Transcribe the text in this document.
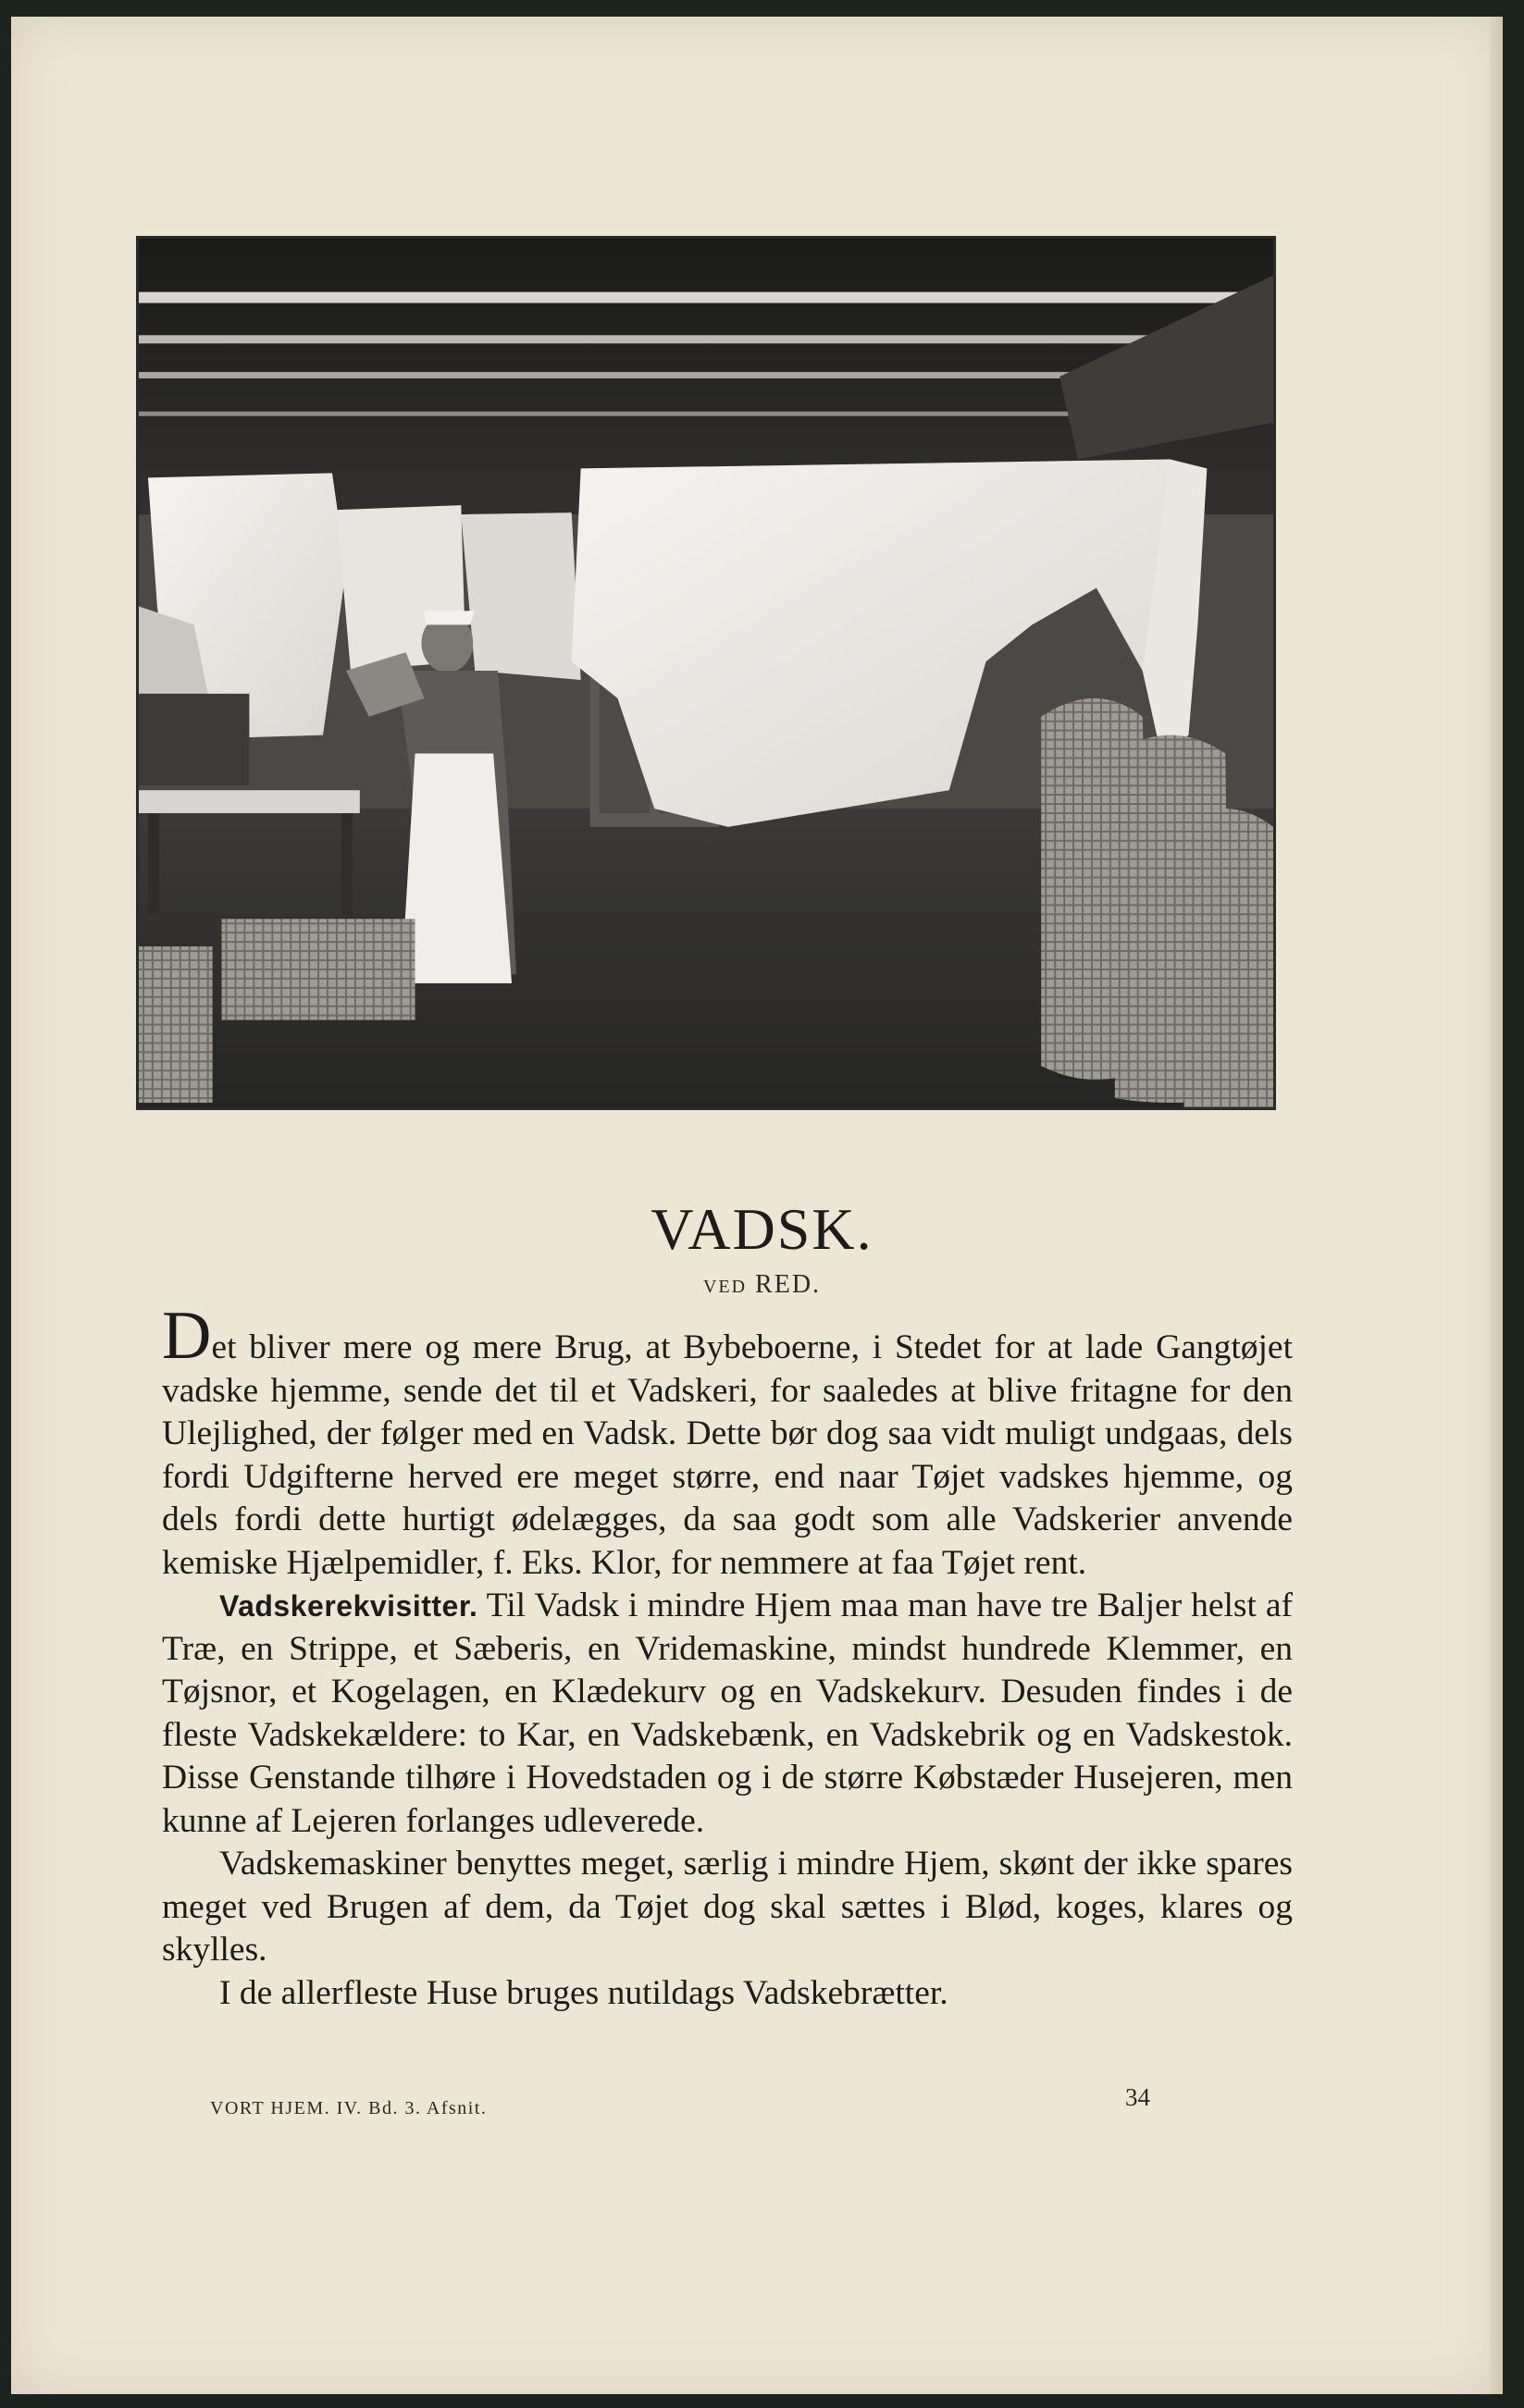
VADSK.
VED RED.

Det bliver mere og mere Brug, at Bybeboerne, i Stedet for at lade Gangtøjet vadske hjemme, sende det til et Vadskeri, for saaledes at blive fritagne for den Ulejlighed, der følger med en Vadsk. Dette bør dog saa vidt muligt undgaas, dels fordi Udgifterne herved ere meget større, end naar Tøjet vadskes hjemme, og dels fordi dette hurtigt ødelægges, da saa godt som alle Vadskerier anvende kemiske Hjælpemidler, f. Eks. Klor, for nemmere at faa Tøjet rent.

Vadskerekvisitter. Til Vadsk i mindre Hjem maa man have tre Baljer helst af Træ, en Strippe, et Sæberis, en Vridemaskine, mindst hundrede Klemmer, en Tøjsnor, et Kogelagen, en Klædekurv og en Vadskekurv. Desuden findes i de fleste Vadskekældere: to Kar, en Vadskebænk, en Vadskebrik og en Vadskestok. Disse Genstande tilhøre i Hovedstaden og i de større Købstæder Husejeren, men kunne af Lejeren forlanges udleverede.

Vadskemaskiner benyttes meget, særlig i mindre Hjem, skønt der ikke spares meget ved Brugen af dem, da Tøjet dog skal sættes i Blød, koges, klares og skylles.

I de allerfleste Huse bruges nutildags Vadskebrætter.

VORT HJEM. IV. Bd. 3. Afsnit.	34
